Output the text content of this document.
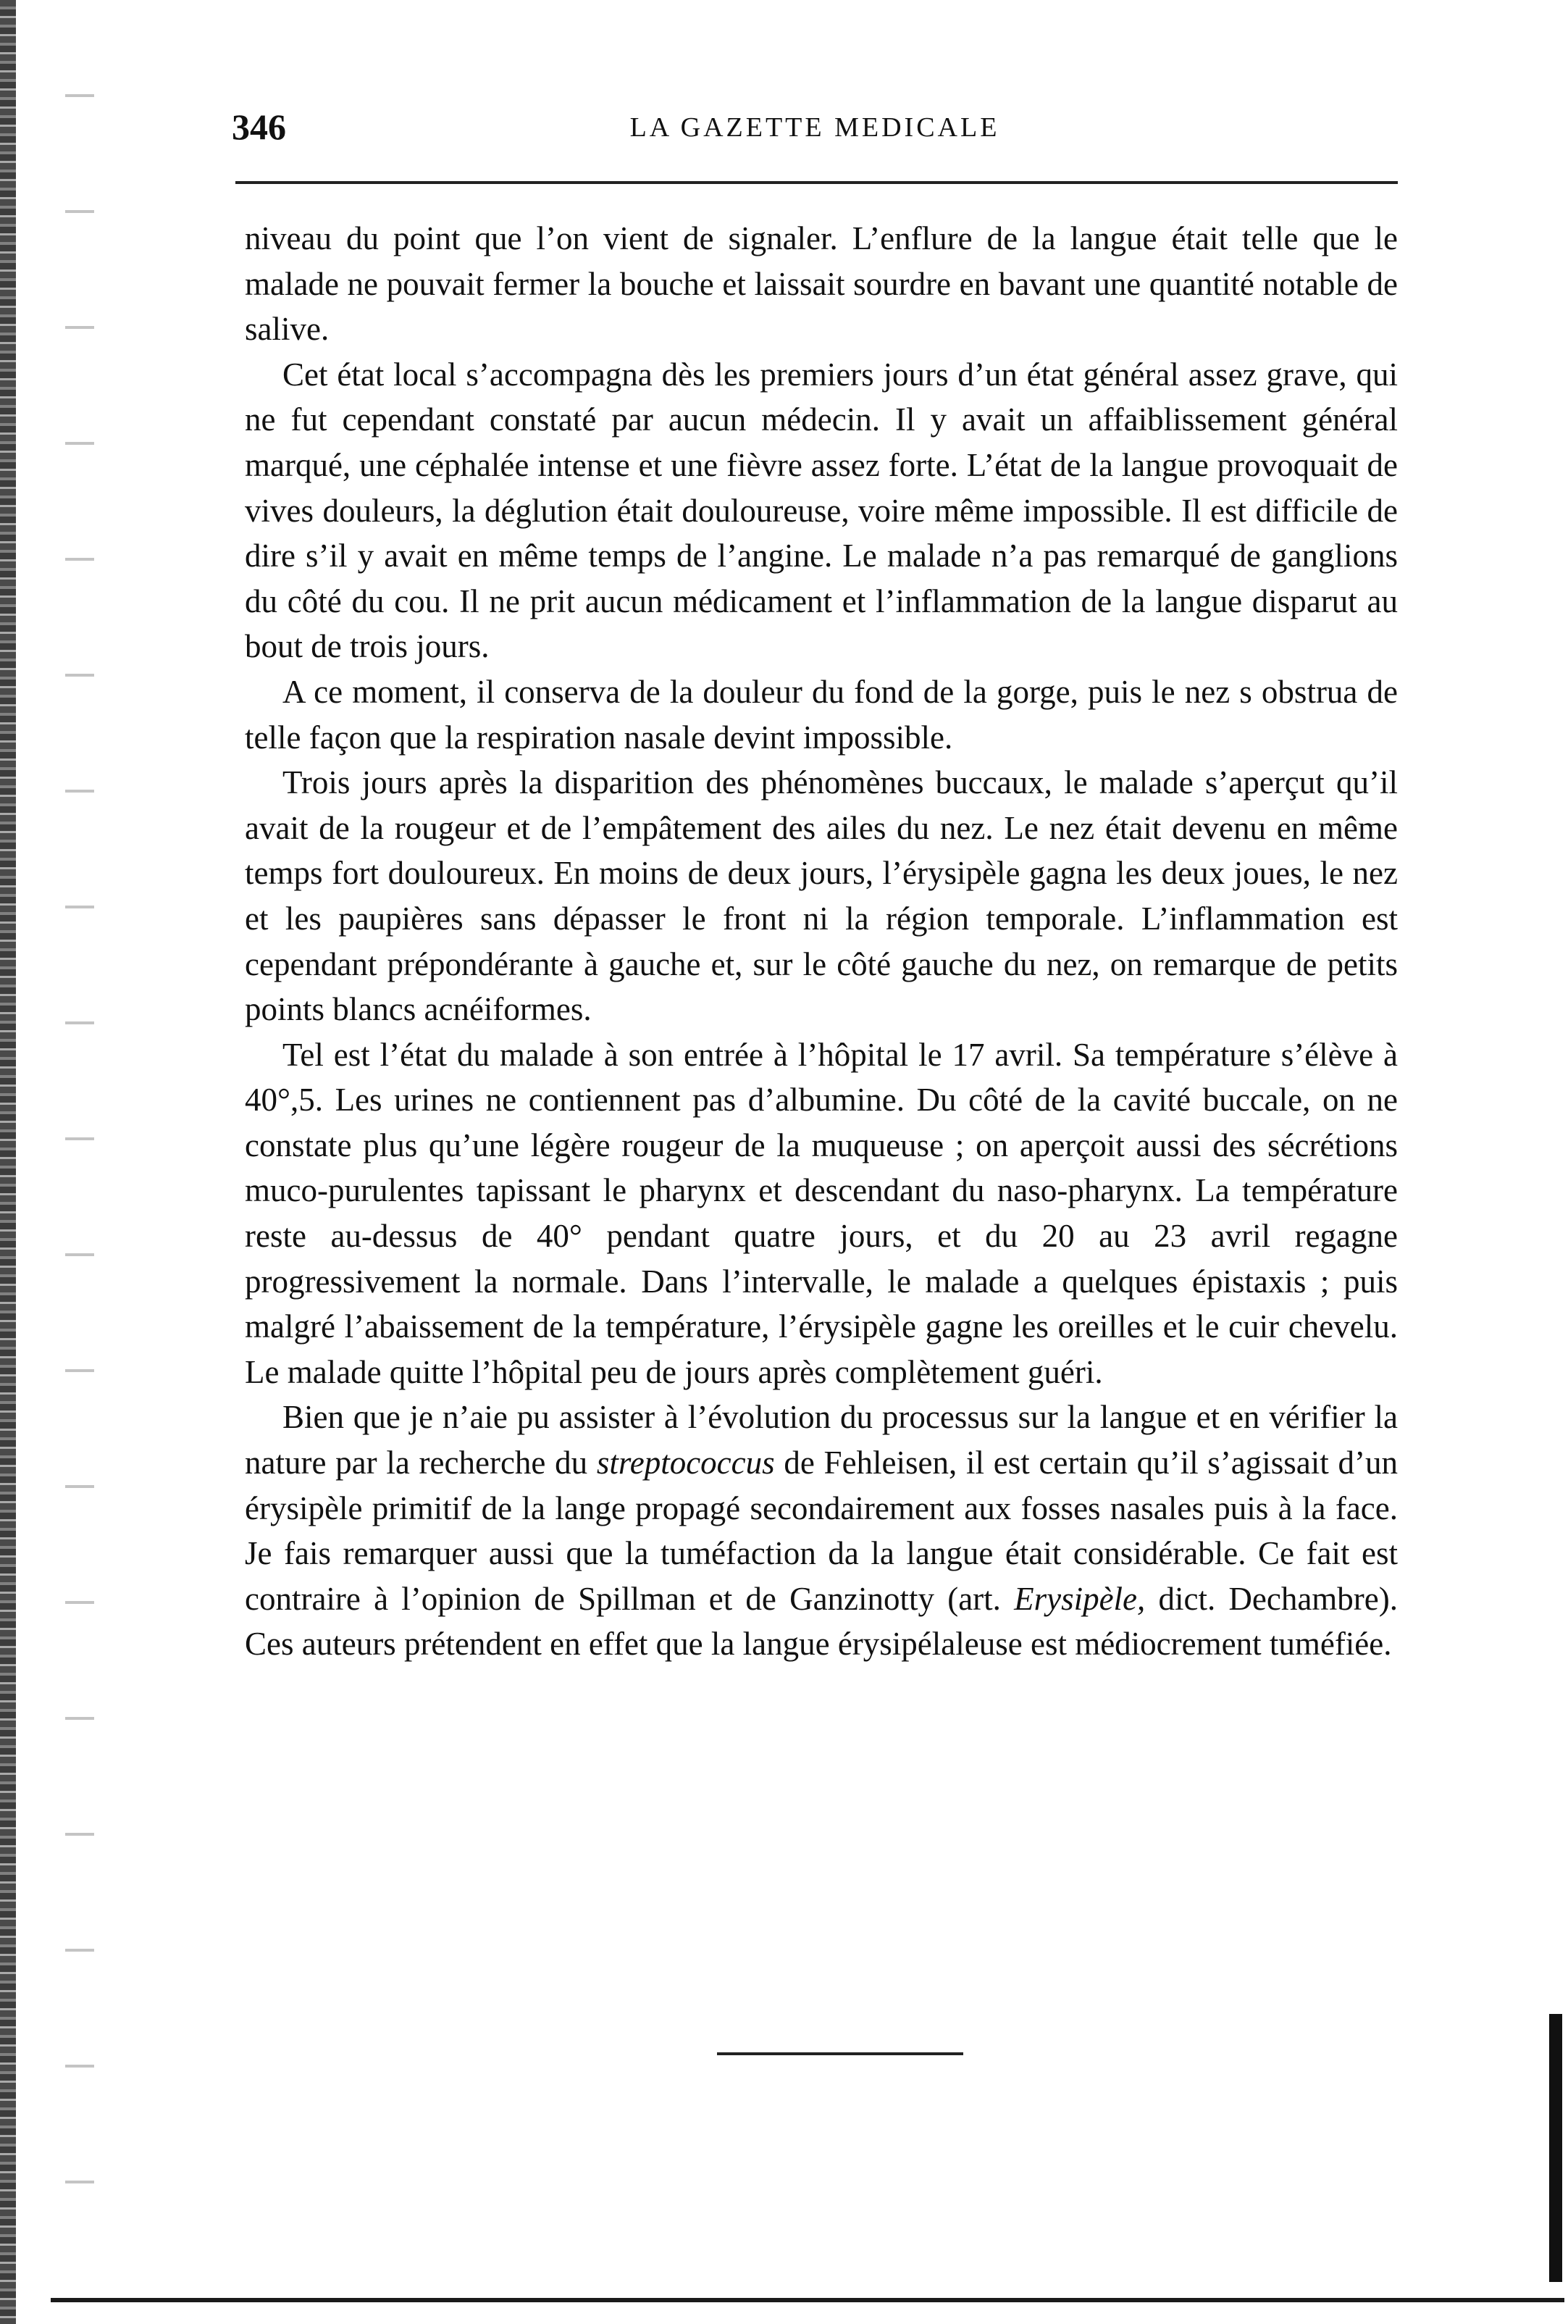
346	LA GAZETTE MEDICALE

niveau du point que l’on vient de signaler. L’enflure de la langue était telle que le malade ne pouvait fermer la bouche et laissait sourdre en bavant une quantité notable de salive.

Cet état local s’accompagna dès les premiers jours d’un état général assez grave, qui ne fut cependant constaté par aucun médecin. Il y avait un affaiblissement général marqué, une céphalée intense et une fièvre assez forte. L’état de la langue provoquait de vives douleurs, la déglution était douloureuse, voire même impossible. Il est difficile de dire s’il y avait en même temps de l’angine. Le malade n’a pas remarqué de ganglions du côté du cou. Il ne prit aucun médicament et l’inflammation de la langue disparut au bout de trois jours.

A ce moment, il conserva de la douleur du fond de la gorge, puis le nez s obstrua de telle façon que la respiration nasale devint impossible.

Trois jours après la disparition des phénomènes buccaux, le malade s’aperçut qu’il avait de la rougeur et de l’empâtement des ailes du nez. Le nez était devenu en même temps fort douloureux. En moins de deux jours, l’érysipèle gagna les deux joues, le nez et les paupières sans dépasser le front ni la région temporale. L’inflammation est cependant prépondérante à gauche et, sur le côté gauche du nez, on remarque de petits points blancs acnéiformes.

Tel est l’état du malade à son entrée à l’hôpital le 17 avril. Sa température s’élève à 40°,5. Les urines ne contiennent pas d’albumine. Du côté de la cavité buccale, on ne constate plus qu’une légère rougeur de la muqueuse ; on aperçoit aussi des sécrétions muco-purulentes tapissant le pharynx et descendant du naso-pharynx. La température reste au-dessus de 40° pendant quatre jours, et du 20 au 23 avril regagne progressivement la normale. Dans l’intervalle, le malade a quelques épistaxis ; puis malgré l’abaissement de la température, l’érysipèle gagne les oreilles et le cuir chevelu. Le malade quitte l’hôpital peu de jours après complètement guéri.

Bien que je n’aie pu assister à l’évolution du processus sur la langue et en vérifier la nature par la recherche du streptococcus de Fehleisen, il est certain qu’il s’agissait d’un érysipèle primitif de la lange propagé secondairement aux fosses nasales puis à la face. Je fais remarquer aussi que la tuméfaction da la langue était considérable. Ce fait est contraire à l’opinion de Spillman et de Ganzinotty (art. Erysipèle, dict. Dechambre). Ces auteurs prétendent en effet que la langue érysipélaleuse est médiocrement tuméfiée.
